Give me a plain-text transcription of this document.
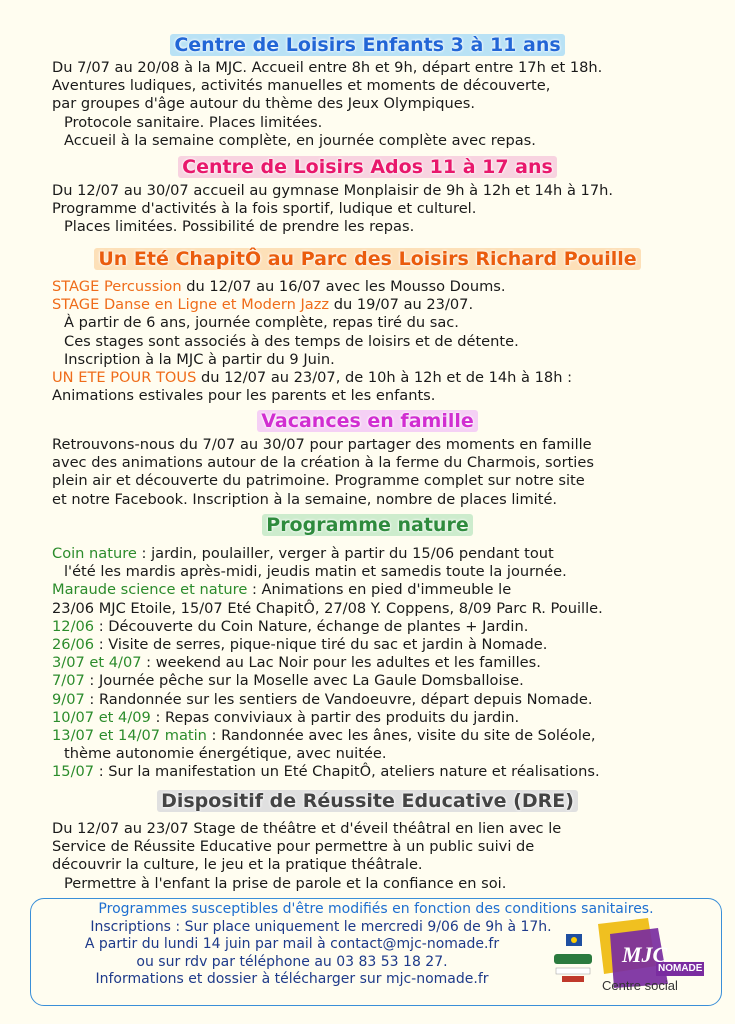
Centre de Loisirs Enfants 3 à 11 ans

Du 7/07 au 20/08 à la MJC. Accueil entre 8h et 9h, départ entre 17h et 18h.

Aventures ludiques, activités manuelles et moments de découverte,

par groupes d'âge autour du thème des Jeux Olympiques.

Protocole sanitaire. Places limitées.

Accueil à la semaine complète, en journée complète avec repas.

Centre de Loisirs Ados 11 à 17 ans

Du 12/07 au 30/07 accueil au gymnase Monplaisir de 9h à 12h et 14h à 17h.

Programme d'activités à la fois sportif, ludique et culturel.

Places limitées. Possibilité de prendre les repas.

Un Eté ChapitÔ au Parc des Loisirs Richard Pouille

STAGE Percussion du 12/07 au 16/07 avec les Mousso Doums.

STAGE Danse en Ligne et Modern Jazz du 19/07 au 23/07.

À partir de 6 ans, journée complète, repas tiré du sac.

Ces stages sont associés à des temps de loisirs et de détente.

Inscription à la MJC à partir du 9 Juin.

UN ETE POUR TOUS du 12/07 au 23/07, de 10h à 12h et de 14h à 18h :

Animations estivales pour les parents et les enfants.

Vacances en famille

Retrouvons-nous du 7/07 au 30/07 pour partager des moments en famille

avec des animations autour de la création à la ferme du Charmois, sorties

plein air et découverte du patrimoine. Programme complet sur notre site

et notre Facebook. Inscription à la semaine, nombre de places limité.

Programme nature

Coin nature : jardin, poulailler, verger à partir du 15/06 pendant tout

l'été les mardis après-midi, jeudis matin et samedis toute la journée.

Maraude science et nature : Animations en pied d'immeuble le

23/06 MJC Etoile, 15/07 Eté ChapitÔ, 27/08 Y. Coppens, 8/09 Parc R. Pouille.

12/06 : Découverte du Coin Nature, échange de plantes + Jardin.

26/06 : Visite de serres, pique-nique tiré du sac et jardin à Nomade.

3/07 et 4/07 : weekend au Lac Noir pour les adultes et les familles.

7/07 : Journée pêche sur la Moselle avec La Gaule Domsballoise.

9/07 : Randonnée sur les sentiers de Vandoeuvre, départ depuis Nomade.

10/07 et 4/09 : Repas conviviaux à partir des produits du jardin.

13/07 et 14/07 matin : Randonnée avec les ânes, visite du site de Soléole,

thème autonomie énergétique, avec nuitée.

15/07 : Sur la manifestation un Eté ChapitÔ, ateliers nature et réalisations.

Dispositif de Réussite Educative (DRE)

Du 12/07 au 23/07 Stage de théâtre et d'éveil théâtral en lien avec le

Service de Réussite Educative pour permettre à un public suivi de

découvrir la culture, le jeu et la pratique théâtrale.

Permettre à l'enfant la prise de parole et la confiance en soi.

Programmes susceptibles d'être modifiés en fonction des conditions sanitaires.

Inscriptions : Sur place uniquement le mercredi 9/06 de 9h à 17h.

A partir du lundi 14 juin par mail à contact@mjc-nomade.fr

ou sur rdv par téléphone au 03 83 53 18 27.

Informations et dossier à télécharger sur mjc-nomade.fr

MJC
NOMADE
Centre social
